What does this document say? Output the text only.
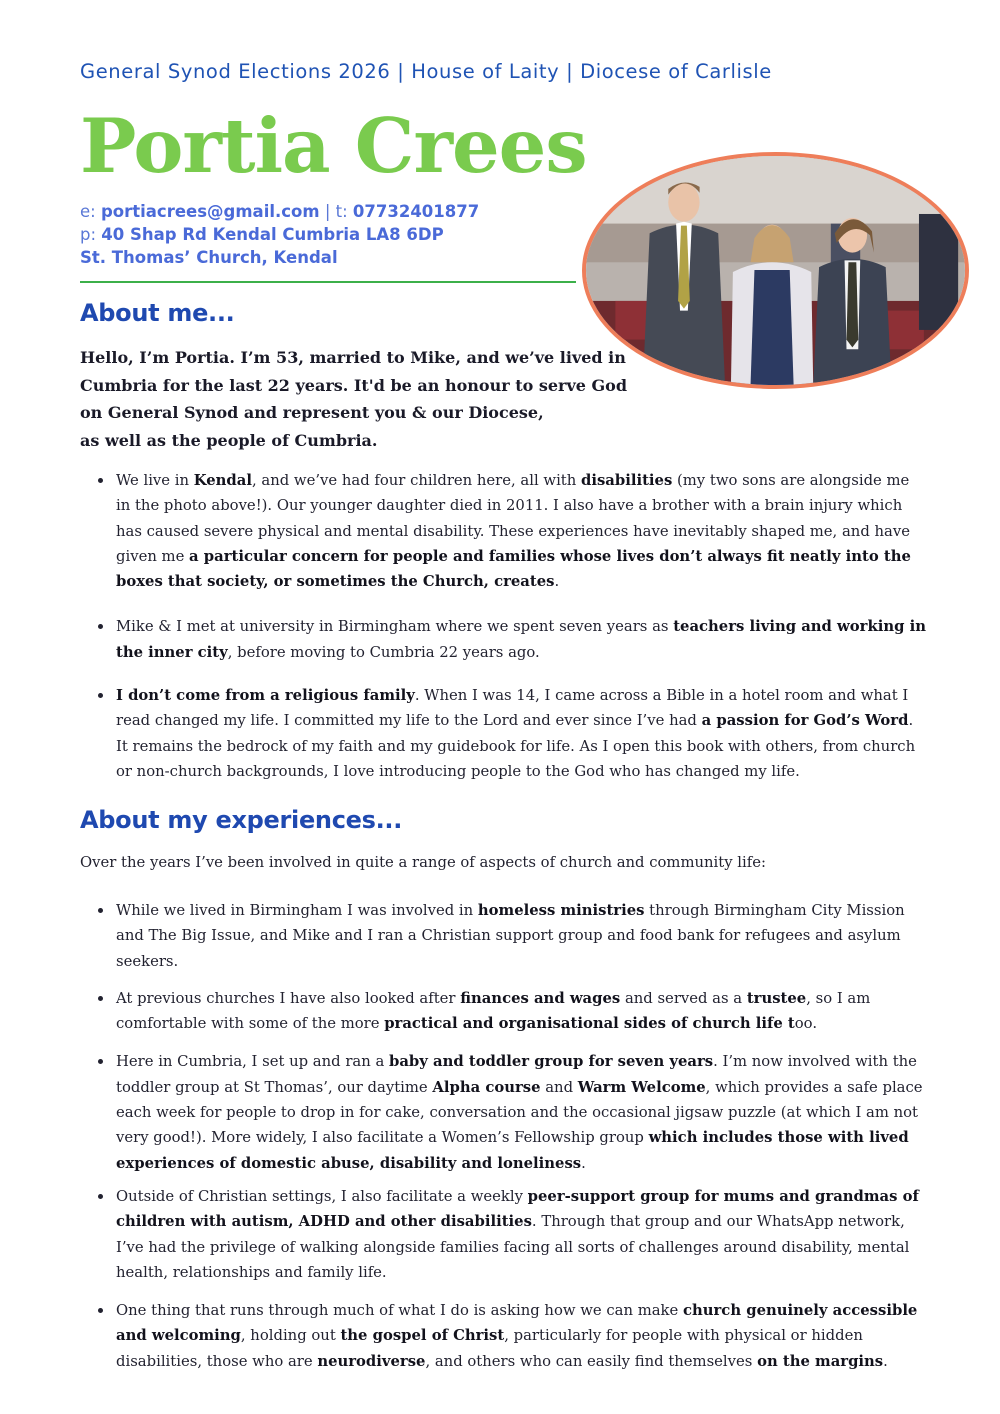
General Synod Elections 2026 | House of Laity | Diocese of Carlisle
Portia Crees
e: portiacrees@gmail.com | t: 07732401877
p: 40 Shap Rd Kendal Cumbria LA8 6DP
St. Thomas’ Church, Kendal
About me...
Hello, I’m Portia. I’m 53, married to Mike, and we’ve lived in
Cumbria for the last 22 years. It'd be an honour to serve God
on General Synod and represent you & our Diocese,
as well as the people of Cumbria.
We live in Kendal, and we’ve had four children here, all with disabilities (my two sons are alongside me in the photo above!). Our younger daughter died in 2011. I also have a brother with a brain injury which has caused severe physical and mental disability. These experiences have inevitably shaped me, and have given me a particular concern for people and families whose lives don’t always fit neatly into the boxes that society, or sometimes the Church, creates.
Mike & I met at university in Birmingham where we spent seven years as teachers living and working in the inner city, before moving to Cumbria 22 years ago.
I don’t come from a religious family. When I was 14, I came across a Bible in a hotel room and what I read changed my life. I committed my life to the Lord and ever since I’ve had a passion for God’s Word. It remains the bedrock of my faith and my guidebook for life. As I open this book with others, from church or non-church backgrounds, I love introducing people to the God who has changed my life.
About my experiences...
Over the years I’ve been involved in quite a range of aspects of church and community life:
While we lived in Birmingham I was involved in homeless ministries through Birmingham City Mission and The Big Issue, and Mike and I ran a Christian support group and food bank for refugees and asylum seekers.
At previous churches I have also looked after finances and wages and served as a trustee, so I am comfortable with some of the more practical and organisational sides of church life too.
Here in Cumbria, I set up and ran a baby and toddler group for seven years. I’m now involved with the toddler group at St Thomas’, our daytime Alpha course and Warm Welcome, which provides a safe place each week for people to drop in for cake, conversation and the occasional jigsaw puzzle (at which I am not very good!). More widely, I also facilitate a Women’s Fellowship group which includes those with lived experiences of domestic abuse, disability and loneliness.
Outside of Christian settings, I also facilitate a weekly peer-support group for mums and grandmas of children with autism, ADHD and other disabilities. Through that group and our WhatsApp network, I’ve had the privilege of walking alongside families facing all sorts of challenges around disability, mental health, relationships and family life.
One thing that runs through much of what I do is asking how we can make church genuinely accessible and welcoming, holding out the gospel of Christ, particularly for people with physical or hidden disabilities, those who are neurodiverse, and others who can easily find themselves on the margins.
